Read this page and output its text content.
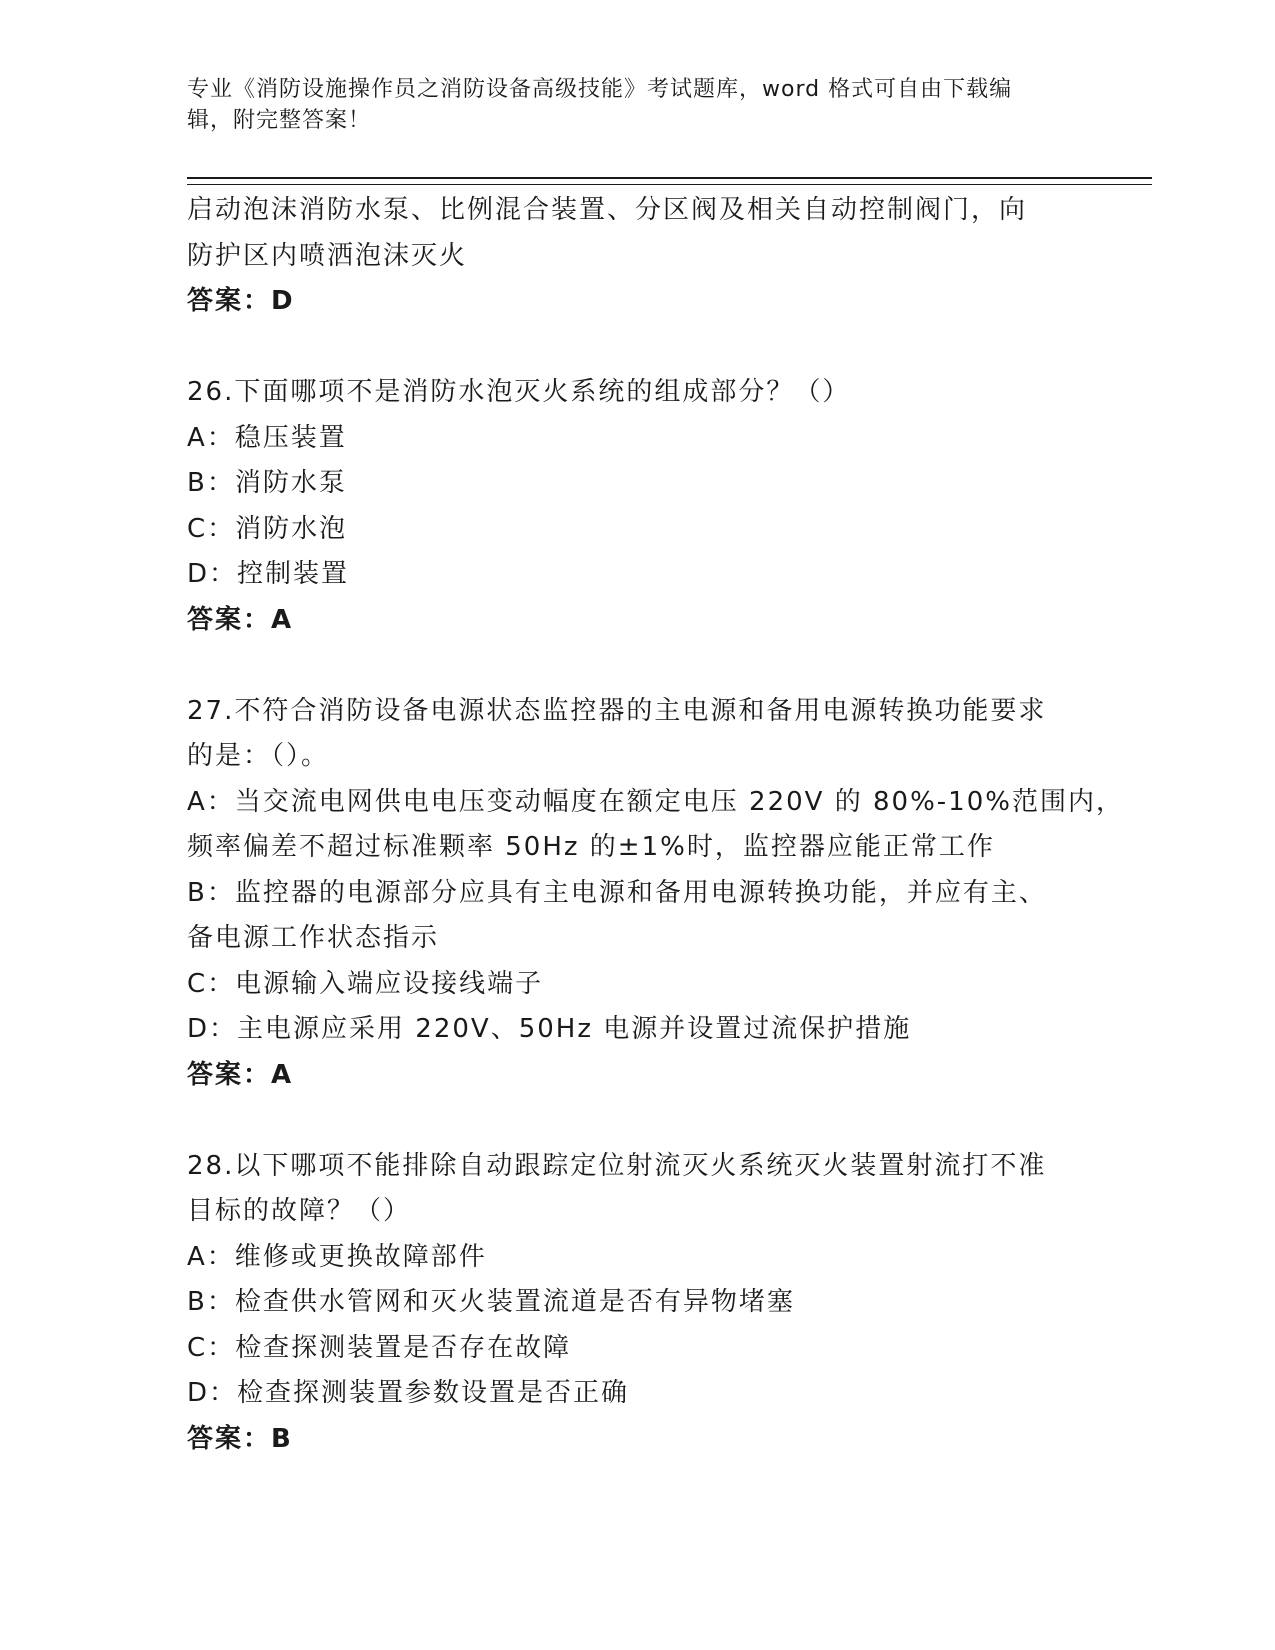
专业《消防设施操作员之消防设备高级技能》考试题库，word 格式可自由下载编
辑，附完整答案！
启动泡沫消防水泵、比例混合装置、分区阀及相关自动控制阀门，向
防护区内喷洒泡沫灭火
答案：D
26.下面哪项不是消防水泡灭火系统的组成部分？（）
A：稳压装置
B：消防水泵
C：消防水泡
D：控制装置
答案：A
27.不符合消防设备电源状态监控器的主电源和备用电源转换功能要求
的是：（）。
A：当交流电网供电电压变动幅度在额定电压 220V 的 80%-10%范围内，
频率偏差不超过标准颗率 50Hz 的±1%时，监控器应能正常工作
B：监控器的电源部分应具有主电源和备用电源转换功能，并应有主、
备电源工作状态指示
C：电源输入端应设接线端子
D：主电源应采用 220V、50Hz 电源并设置过流保护措施
答案：A
28.以下哪项不能排除自动跟踪定位射流灭火系统灭火装置射流打不准
目标的故障？（）
A：维修或更换故障部件
B：检查供水管网和灭火装置流道是否有异物堵塞
C：检查探测装置是否存在故障
D：检查探测装置参数设置是否正确
答案：B
